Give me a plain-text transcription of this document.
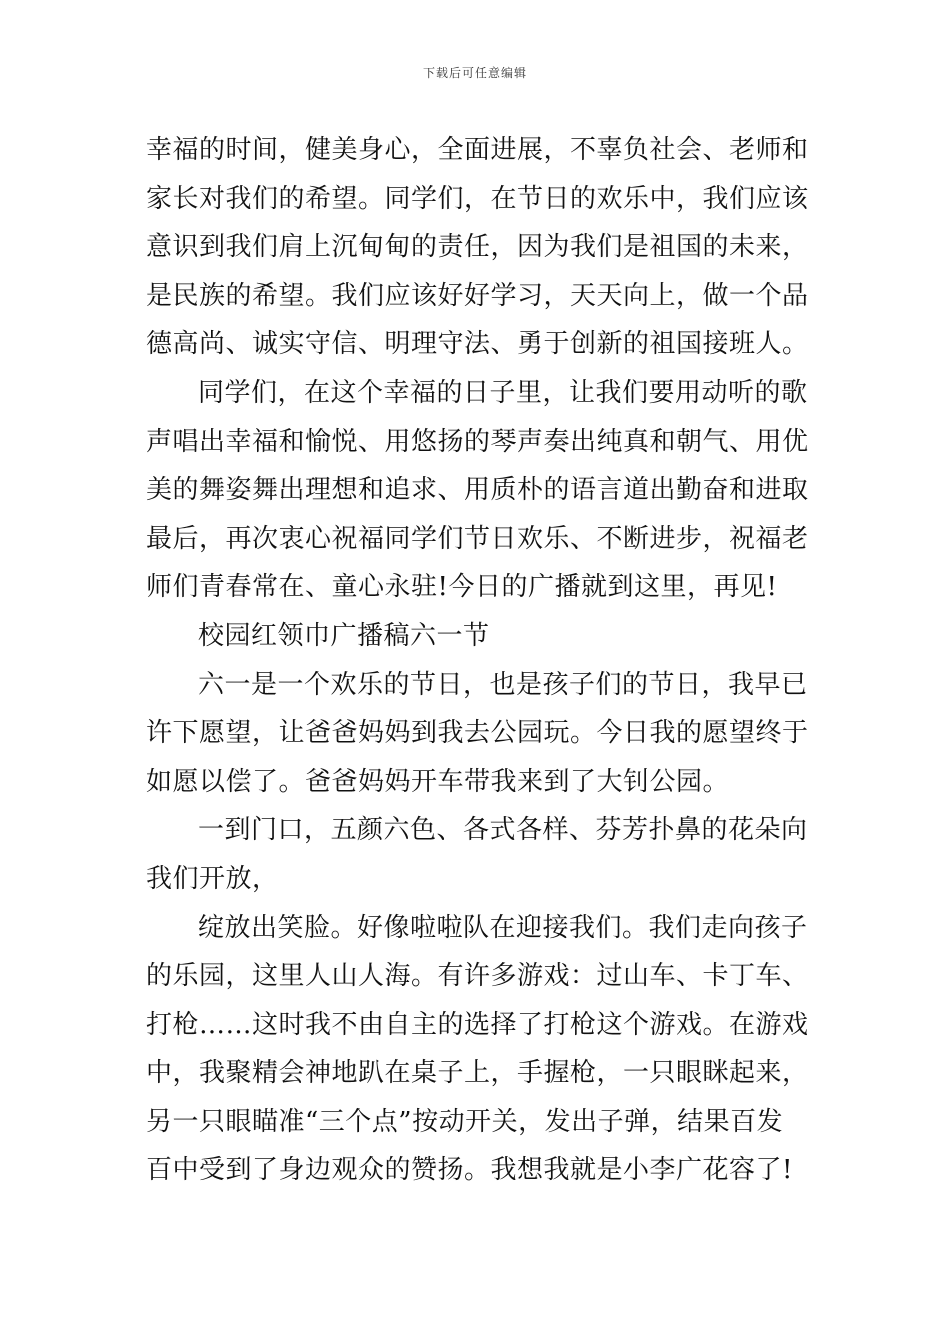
下载后可任意编辑
幸福的时间，健美身心，全面进展，不辜负社会、老师和
家长对我们的希望。同学们，在节日的欢乐中，我们应该
意识到我们肩上沉甸甸的责任，因为我们是祖国的未来，
是民族的希望。我们应该好好学习，天天向上，做一个品
德高尚、诚实守信、明理守法、勇于创新的祖国接班人。
同学们，在这个幸福的日子里，让我们要用动听的歌
声唱出幸福和愉悦、用悠扬的琴声奏出纯真和朝气、用优
美的舞姿舞出理想和追求、用质朴的语言道出勤奋和进取
最后，再次衷心祝福同学们节日欢乐、不断进步，祝福老
师们青春常在、童心永驻!今日的广播就到这里，再见!
校园红领巾广播稿六一节
六一是一个欢乐的节日，也是孩子们的节日，我早已
许下愿望，让爸爸妈妈到我去公园玩。今日我的愿望终于
如愿以偿了。爸爸妈妈开车带我来到了大钊公园。
一到门口，五颜六色、各式各样、芬芳扑鼻的花朵向
我们开放，
绽放出笑脸。好像啦啦队在迎接我们。我们走向孩子
的乐园，这里人山人海。有许多游戏：过山车、卡丁车、
打枪……这时我不由自主的选择了打枪这个游戏。在游戏
中，我聚精会神地趴在桌子上，手握枪，一只眼眯起来，
另一只眼瞄准“三个点”按动开关，发出子弹，结果百发
百中受到了身边观众的赞扬。我想我就是小李广花容了!
